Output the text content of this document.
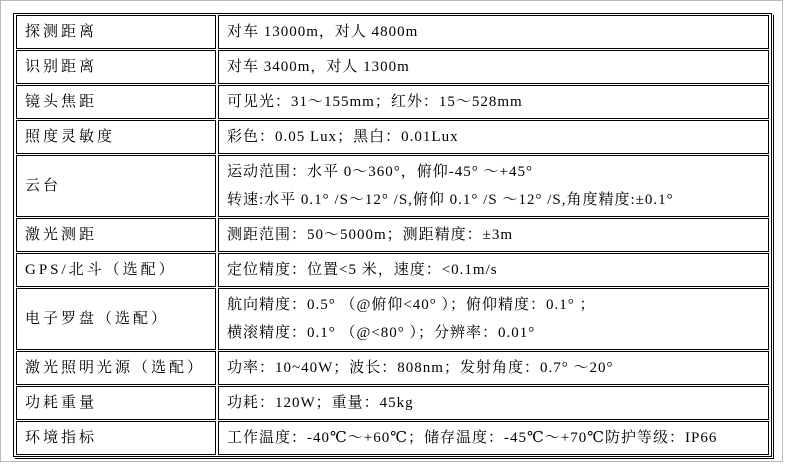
探测距离	对车 13000m，对人 4800m

识别距离	对车 3400m，对人 1300m

镜头焦距	可见光：31～155mm；红外：15～528mm

照度灵敏度	彩色：0.05 Lux；黑白：0.01Lux

云台	运动范围：水平 0～360°，俯仰-45° ～+45°
转速:水平 0.1° /S～12° /S,俯仰 0.1° /S ～12° /S,角度精度:±0.1°

激光测距	测距范围：50～5000m；测距精度：±3m

GPS/北斗（选配）	定位精度：位置<5 米，速度：<0.1m/s

电子罗盘（选配）	航向精度：0.5° （@俯仰<40° ）；俯仰精度：0.1° ；
横滚精度：0.1° （@<80° ）；分辨率：0.01°

激光照明光源（选配）	功率：10~40W；波长：808nm；发射角度：0.7° ～20°

功耗重量	功耗：120W；重量：45kg

环境指标	工作温度：-40℃～+60℃；储存温度：-45℃～+70℃防护等级：IP66
